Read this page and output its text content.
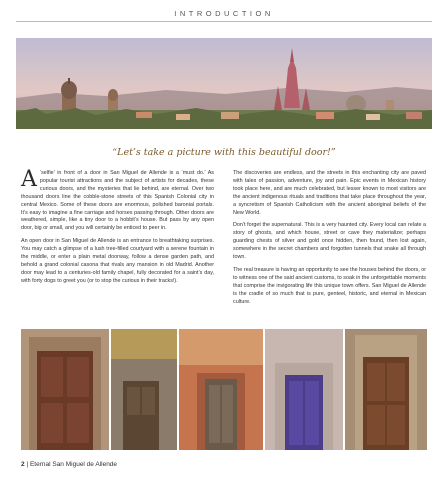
INTRODUCTION
“Let’s take a picture with this beautiful door!”

A ‘selfie’ in front of a door in San Miguel de Allende is a ‘must do.’ As popular tourist attractions and the subject of artists for decades, these curious doors, and the mysteries that lie behind, are eternal. Over two thousand doors line the cobble-stone streets of this Spanish Colonial city in central Mexico. Some of these doors are enormous, polished baronial portals. It’s easy to imagine a fine carriage and horses passing through. Other doors are weathered, simple, like a tiny door to a hobbit’s house. But pass by any open door, big or small, and you will certainly be enticed to peer in.

An open door in San Miguel de Allende is an entrance to breathtaking surprises. You may catch a glimpse of a lush tree-filled courtyard with a serene fountain in the middle, or enter a plain metal doorway, follow a dense garden path, and behold a grand colonial casona that rivals any mansion in old Madrid. Another door may lead to a centuries-old family chapel, fully decorated for a saint’s day, with forty dogs to greet you (or to stop the curious in their tracks!).

The discoveries are endless, and the streets in this enchanting city are paved with tales of passion, adventure, joy and pain. Epic events in Mexican history took place here, and are much celebrated, but lesser known to most visitors are the ancient indigenous rituals and traditions that take place throughout the year, a syncretism of Spanish Catholicism with the ancient aboriginal beliefs of the New World.

Don’t forget the supernatural. This is a very haunted city. Every local can relate a story of ghosts, and which house, street or cave they materialize; perhaps guarding chests of silver and gold once hidden, then found, then lost again, somewhere in the secret chambers and forgotten tunnels that snake all through town.

The real treasure is having an opportunity to see the houses behind the doors, or to witness one of the said ancient customs, to soak in the unforgettable moments that comprise the invigorating life this unique town offers. San Miguel de Allende is the cradle of so much that is pure, genteel, historic, and eternal in Mexican culture.

2 | Eternal San Miguel de Allende
